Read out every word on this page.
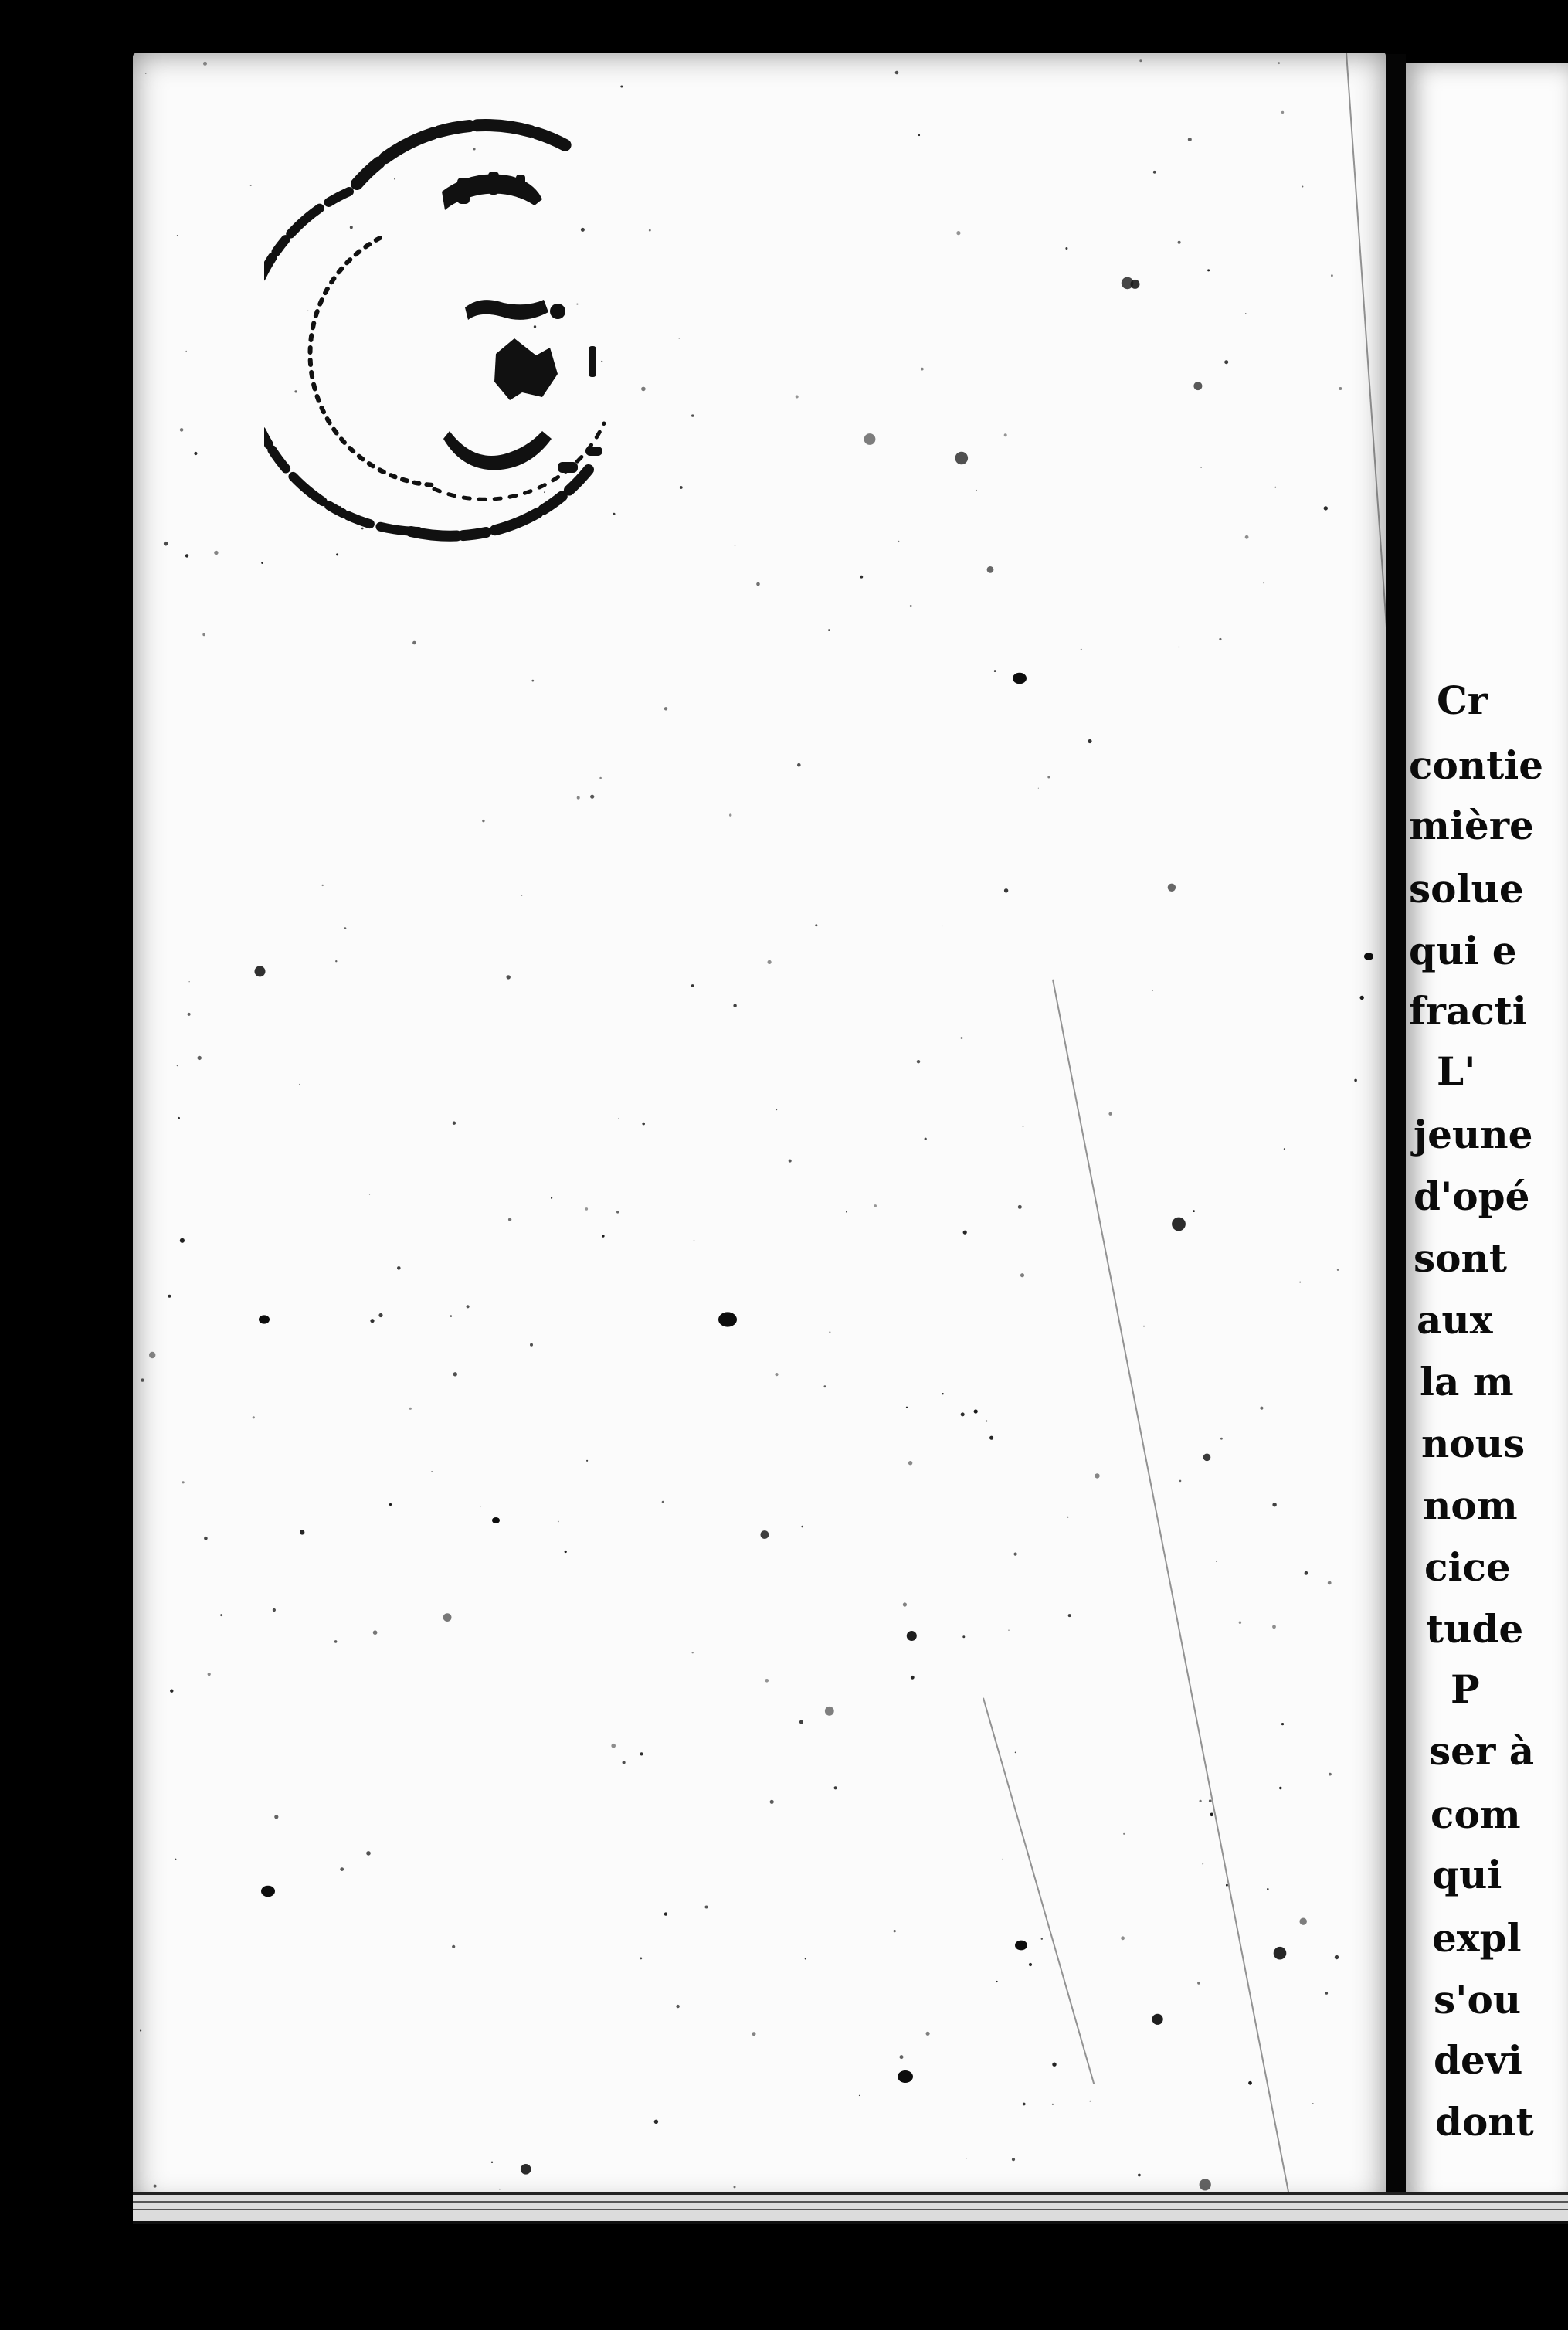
Cr
contie
mière
solue
qui e
fracti
L'
jeune
d'opé
sont
aux
la m
nous
nom
cice
tude
P
ser à
com
qui
expl
s'ou
devi
dont
